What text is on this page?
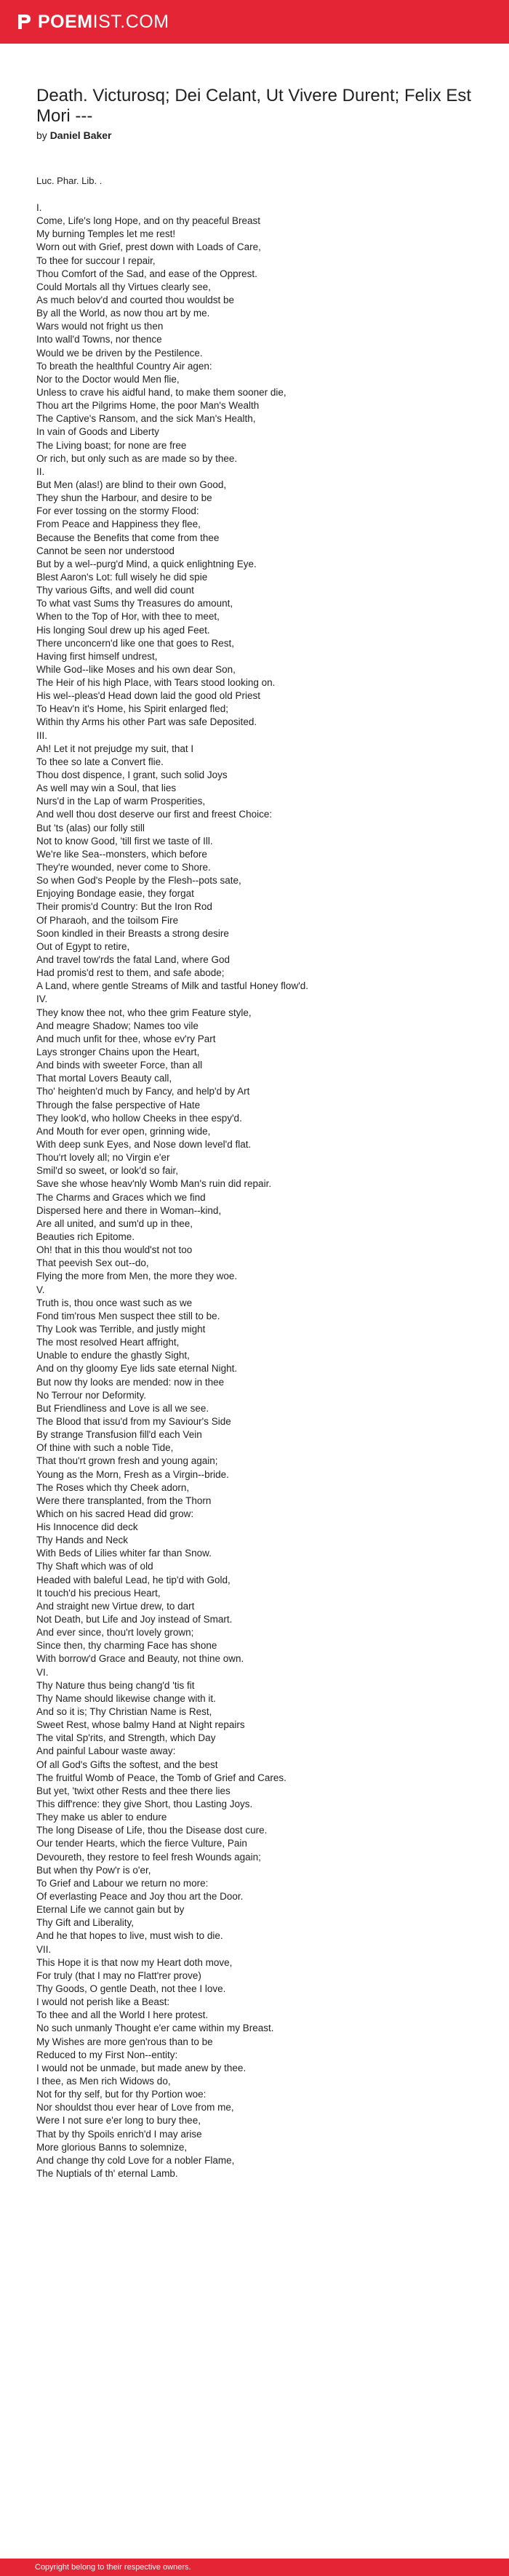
POEM IST.COM
Death. Victurosq; Dei Celant, Ut Vivere Durent; Felix Est Mori ---
by Daniel Baker
Luc. Phar. Lib. .
I.
Come, Life's long Hope, and on thy peaceful Breast
My burning Temples let me rest!
Worn out with Grief, prest down with Loads of Care,
To thee for succour I repair,
Thou Comfort of the Sad, and ease of the Opprest.
Could Mortals all thy Virtues clearly see,
As much belov'd and courted thou wouldst be
By all the World, as now thou art by me.
Wars would not fright us then
Into wall'd Towns, nor thence
Would we be driven by the Pestilence.
To breath the healthful Country Air agen:
Nor to the Doctor would Men flie,
Unless to crave his aidful hand, to make them sooner die,
Thou art the Pilgrims Home, the poor Man's Wealth
The Captive's Ransom, and the sick Man's Health,
In vain of Goods and Liberty
The Living boast; for none are free
Or rich, but only such as are made so by thee.
II.
But Men (alas!) are blind to their own Good,
They shun the Harbour, and desire to be
For ever tossing on the stormy Flood:
From Peace and Happiness they flee,
Because the Benefits that come from thee
Cannot be seen nor understood
But by a wel--purg'd Mind, a quick enlightning Eye.
Blest Aaron's Lot: full wisely he did spie
Thy various Gifts, and well did count
To what vast Sums thy Treasures do amount,
When to the Top of Hor, with thee to meet,
His longing Soul drew up his aged Feet.
There unconcern'd like one that goes to Rest,
Having first himself undrest,
While God--like Moses and his own dear Son,
The Heir of his high Place, with Tears stood looking on.
His wel--pleas'd Head down laid the good old Priest
To Heav'n it's Home, his Spirit enlarged fled;
Within thy Arms his other Part was safe Deposited.
III.
Ah! Let it not prejudge my suit, that I
To thee so late a Convert flie.
Thou dost dispence, I grant, such solid Joys
As well may win a Soul, that lies
Nurs'd in the Lap of warm Prosperities,
And well thou dost deserve our first and freest Choice:
But 'ts (alas) our folly still
Not to know Good, 'till first we taste of Ill.
We're like Sea--monsters, which before
They're wounded, never come to Shore.
So when God's People by the Flesh--pots sate,
Enjoying Bondage easie, they forgat
Their promis'd Country: But the Iron Rod
Of Pharaoh, and the toilsom Fire
Soon kindled in their Breasts a strong desire
Out of Egypt to retire,
And travel tow'rds the fatal Land, where God
Had promis'd rest to them, and safe abode;
A Land, where gentle Streams of Milk and tastful Honey flow'd.
IV.
They know thee not, who thee grim Feature style,
And meagre Shadow; Names too vile
And much unfit for thee, whose ev'ry Part
Lays stronger Chains upon the Heart,
And binds with sweeter Force, than all
That mortal Lovers Beauty call,
Tho' heighten'd much by Fancy, and help'd by Art
Through the false perspective of Hate
They look'd, who hollow Cheeks in thee espy'd.
And Mouth for ever open, grinning wide,
With deep sunk Eyes, and Nose down level'd flat.
Thou'rt lovely all; no Virgin e'er
Smil'd so sweet, or look'd so fair,
Save she whose heav'nly Womb Man's ruin did repair.
The Charms and Graces which we find
Dispersed here and there in Woman--kind,
Are all united, and sum'd up in thee,
Beauties rich Epitome.
Oh! that in this thou would'st not too
That peevish Sex out--do,
Flying the more from Men, the more they woe.
V.
Truth is, thou once wast such as we
Fond tim'rous Men suspect thee still to be.
Thy Look was Terrible, and justly might
The most resolved Heart affright,
Unable to endure the ghastly Sight,
And on thy gloomy Eye lids sate eternal Night.
But now thy looks are mended: now in thee
No Terrour nor Deformity.
But Friendliness and Love is all we see.
The Blood that issu'd from my Saviour's Side
By strange Transfusion fill'd each Vein
Of thine with such a noble Tide,
That thou'rt grown fresh and young again;
Young as the Morn, Fresh as a Virgin--bride.
The Roses which thy Cheek adorn,
Were there transplanted, from the Thorn
Which on his sacred Head did grow:
His Innocence did deck
Thy Hands and Neck
With Beds of Lilies whiter far than Snow.
Thy Shaft which was of old
Headed with baleful Lead, he tip'd with Gold,
It touch'd his precious Heart,
And straight new Virtue drew, to dart
Not Death, but Life and Joy instead of Smart.
And ever since, thou'rt lovely grown;
Since then, thy charming Face has shone
With borrow'd Grace and Beauty, not thine own.
VI.
Thy Nature thus being chang'd 'tis fit
Thy Name should likewise change with it.
And so it is; Thy Christian Name is Rest,
Sweet Rest, whose balmy Hand at Night repairs
The vital Sp'rits, and Strength, which Day
And painful Labour waste away:
Of all God's Gifts the softest, and the best
The fruitful Womb of Peace, the Tomb of Grief and Cares.
But yet, 'twixt other Rests and thee there lies
This diff'rence: they give Short, thou Lasting Joys.
They make us abler to endure
The long Disease of Life, thou the Disease dost cure.
Our tender Hearts, which the fierce Vulture, Pain
Devoureth, they restore to feel fresh Wounds again;
But when thy Pow'r is o'er,
To Grief and Labour we return no more:
Of everlasting Peace and Joy thou art the Door.
Eternal Life we cannot gain but by
Thy Gift and Liberality,
And he that hopes to live, must wish to die.
VII.
This Hope it is that now my Heart doth move,
For truly (that I may no Flatt'rer prove)
Thy Goods, O gentle Death, not thee I love.
I would not perish like a Beast:
To thee and all the World I here protest.
No such unmanly Thought e'er came within my Breast.
My Wishes are more gen'rous than to be
Reduced to my First Non--entity:
I would not be unmade, but made anew by thee.
I thee, as Men rich Widows do,
Not for thy self, but for thy Portion woe:
Nor shouldst thou ever hear of Love from me,
Were I not sure e'er long to bury thee,
That by thy Spoils enrich'd I may arise
More glorious Banns to solemnize,
And change thy cold Love for a nobler Flame,
The Nuptials of th' eternal Lamb.
Copyright belong to their respective owners.
